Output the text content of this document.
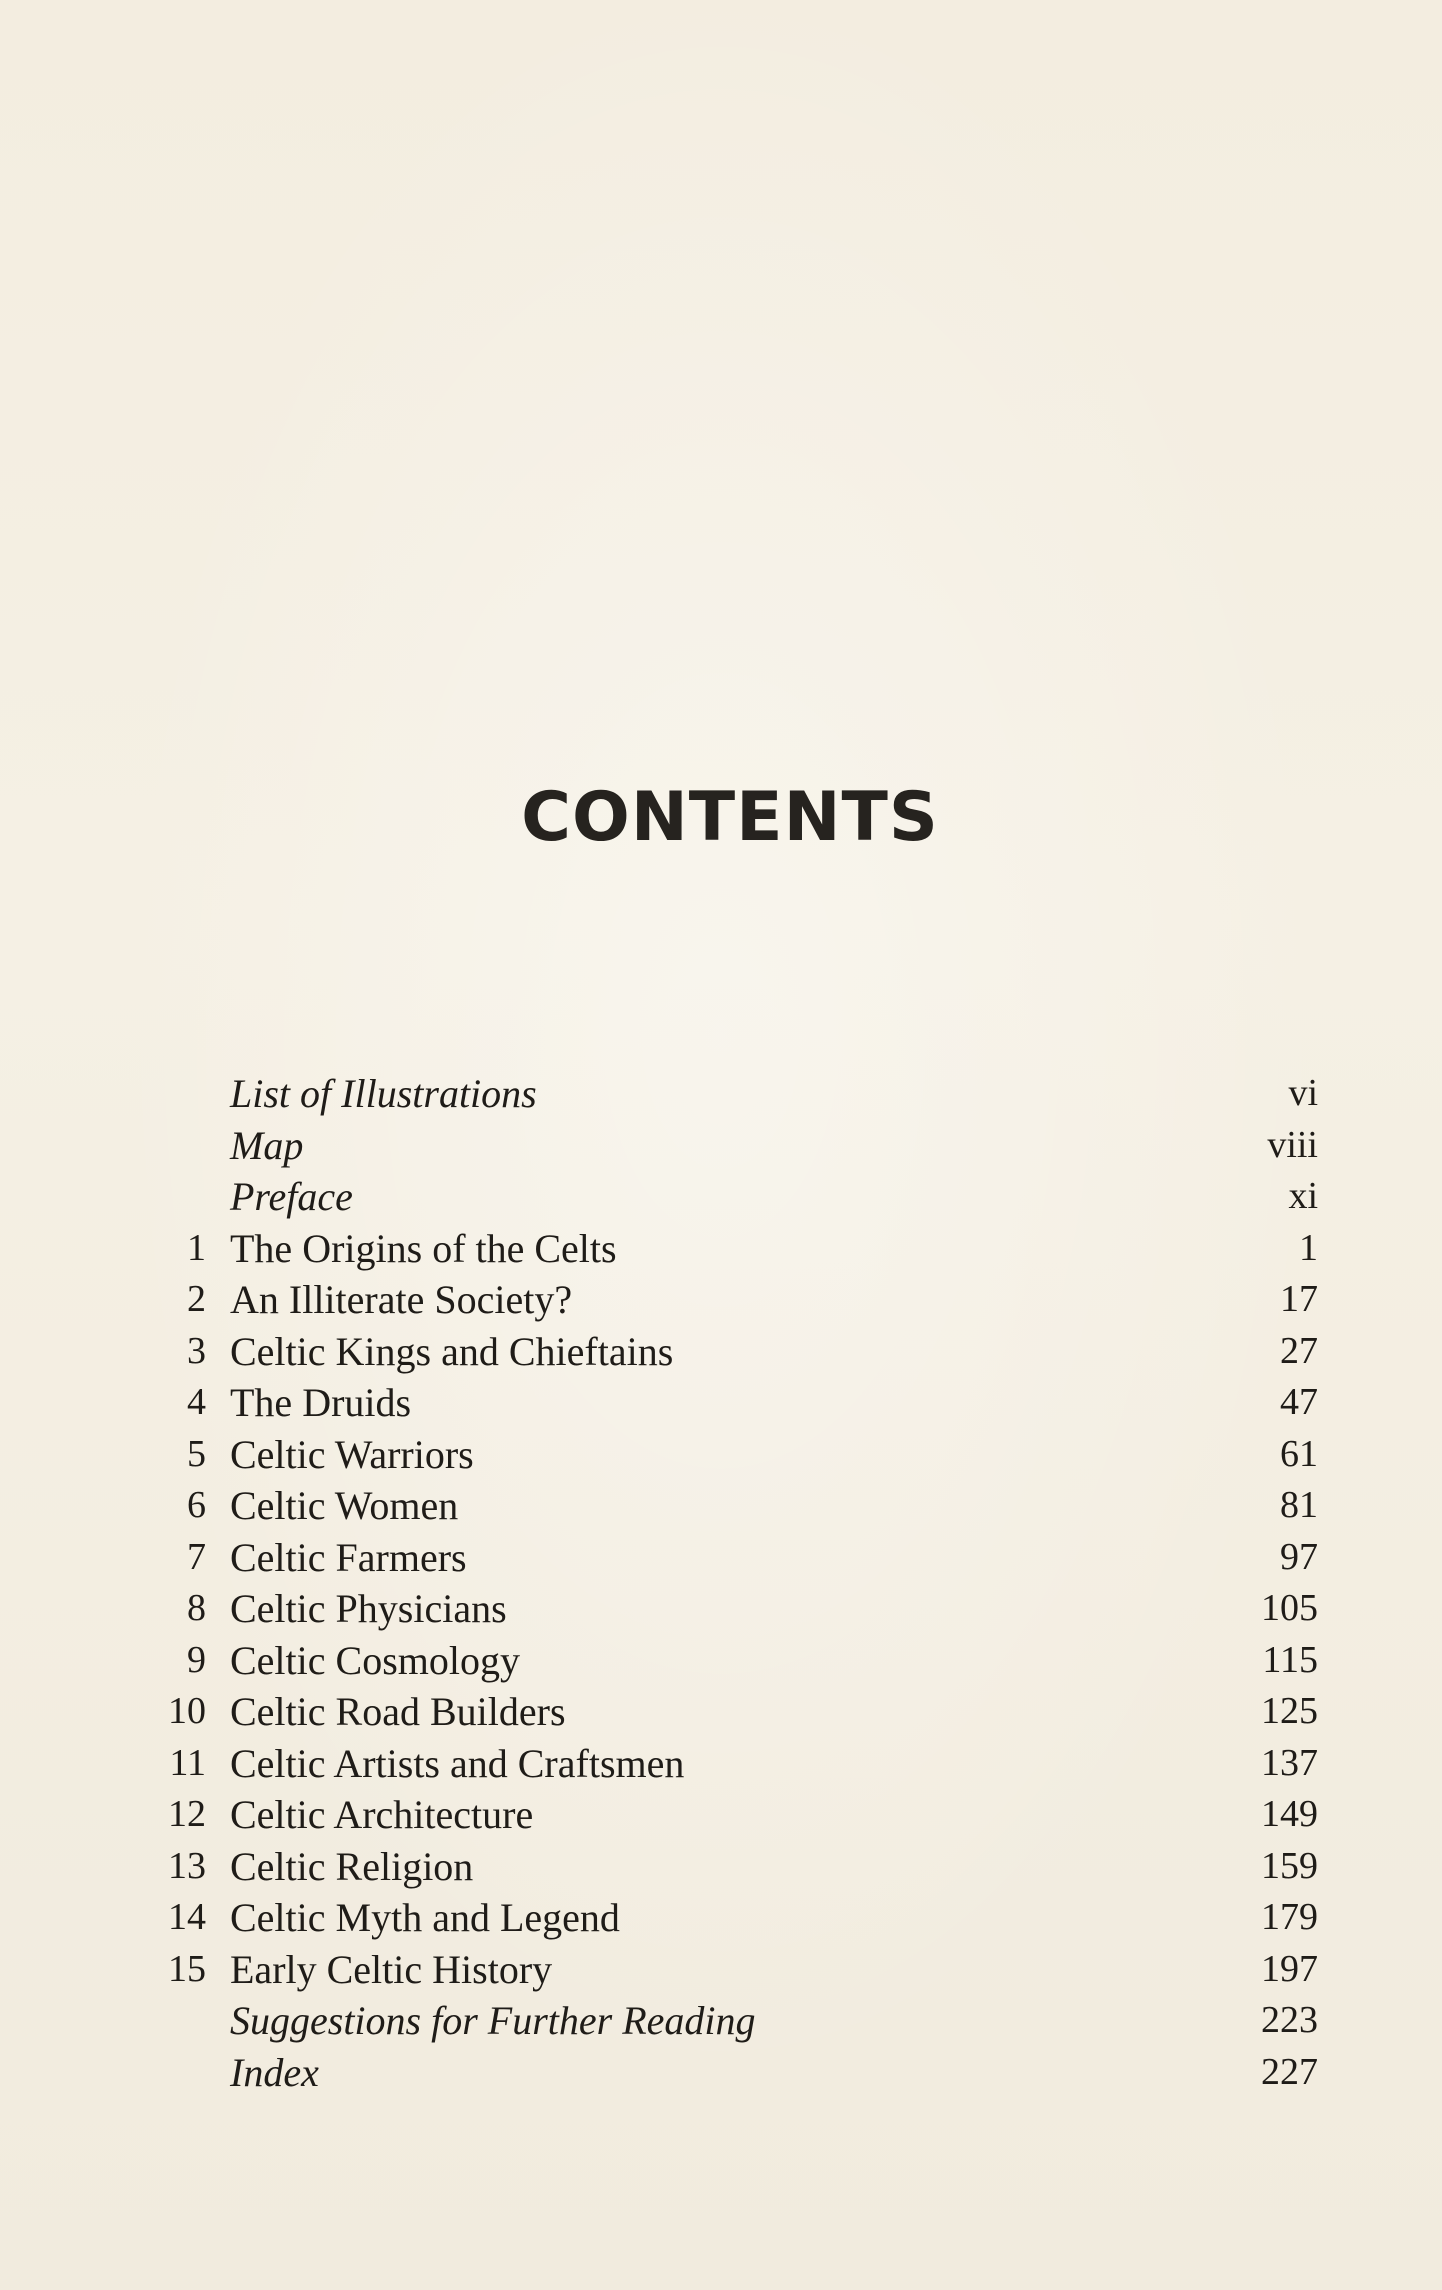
CONTENTS
List of Illustrations	vi
Map	viii
Preface	xi
1 The Origins of the Celts	1
2 An Illiterate Society?	17
3 Celtic Kings and Chieftains	27
4 The Druids	47
5 Celtic Warriors	61
6 Celtic Women	81
7 Celtic Farmers	97
8 Celtic Physicians	105
9 Celtic Cosmology	115
10 Celtic Road Builders	125
11 Celtic Artists and Craftsmen	137
12 Celtic Architecture	149
13 Celtic Religion	159
14 Celtic Myth and Legend	179
15 Early Celtic History	197
Suggestions for Further Reading	223
Index	227
